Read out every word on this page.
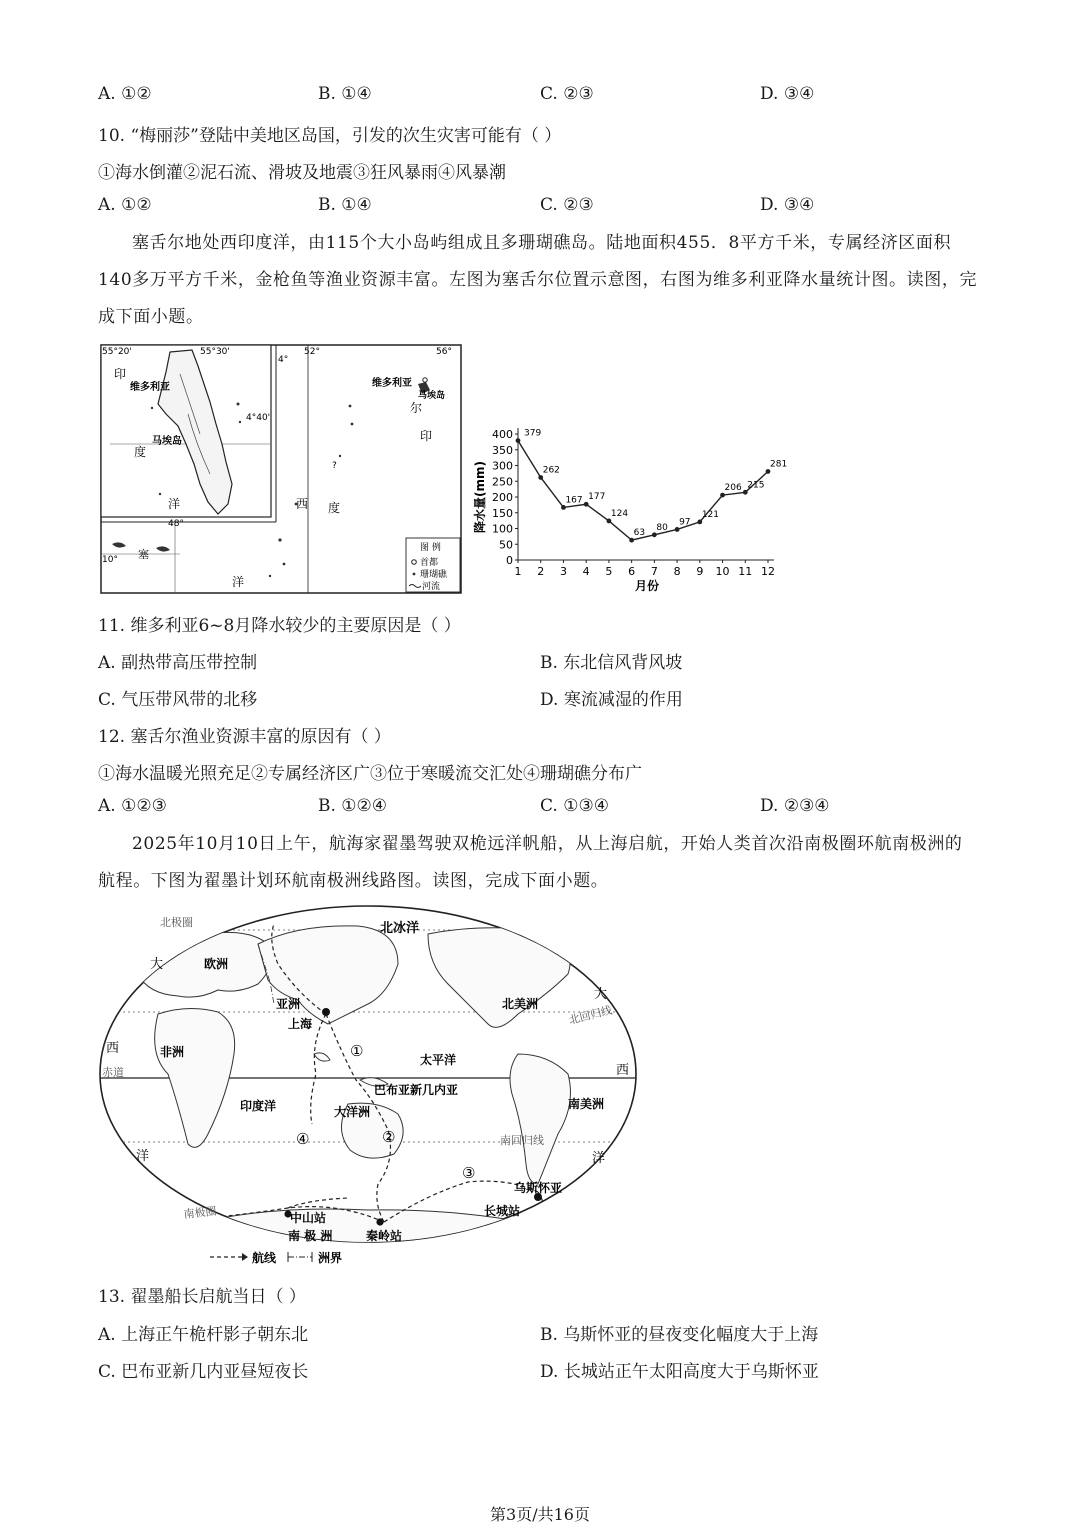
A. ①②	B. ①④	C. ②③	D. ③④
10. “梅丽莎”登陆中美地区岛国，引发的次生灾害可能有（ ）
①海水倒灌②泥石流、滑坡及地震③狂风暴雨④风暴潮
A. ①②	B. ①④	C. ②③	D. ③④
塞舌尔地处西印度洋，由115个大小岛屿组成且多珊瑚礁岛。陆地面积455．8平方千米，专属经济区面积140多万平方千米，金枪鱼等渔业资源丰富。左图为塞舌尔位置示意图，右图为维多利亚降水量统计图。读图，完成下面小题。
55°20'	55°30'
4°
52°	56°
4°40'
48°
10°
维多利亚
马埃岛
印
度
洋
维多利亚
马埃岛
尔
印
?
西 度
塞
洋
图 例
首都
珊瑚礁
河流
0
50
100
150
200
250
300
350
400
1 2 3 4 5 6 7 8 9 10 11 12
379
262
167 177
124
63
80
97
121
206 215
281
月份
降水量(mm)
11. 维多利亚6~8月降水较少的主要原因是（ ）
A. 副热带高压带控制	B. 东北信风背风坡
C. 气压带风带的北移	D. 寒流减湿的作用
12. 塞舌尔渔业资源丰富的原因有（ ）
①海水温暖光照充足②专属经济区广③位于寒暖流交汇处④珊瑚礁分布广
A. ①②③	B. ①②④	C. ①③④	D. ②③④
2025年10月10日上午，航海家翟墨驾驶双桅远洋帆船，从上海启航，开始人类首次沿南极圈环航南极洲的航程。下图为翟墨计划环航南极洲线路图。读图，完成下面小题。
北极圈	北冰洋
大	欧洲
亚洲	北美洲
大
北回归线
上海
西	非洲	①	太平洋
西
赤道
巴布亚新几内亚
印度洋	大洋洲
南美洲
④	②	南回归线
洋	洋
③
乌斯怀亚
长城站
南极圈	中山站
南 极 洲	秦岭站
航线	洲界
13. 翟墨船长启航当日（ ）
A. 上海正午桅杆影子朝东北	B. 乌斯怀亚的昼夜变化幅度大于上海
C. 巴布亚新几内亚昼短夜长	D. 长城站正午太阳高度大于乌斯怀亚
第3页/共16页
